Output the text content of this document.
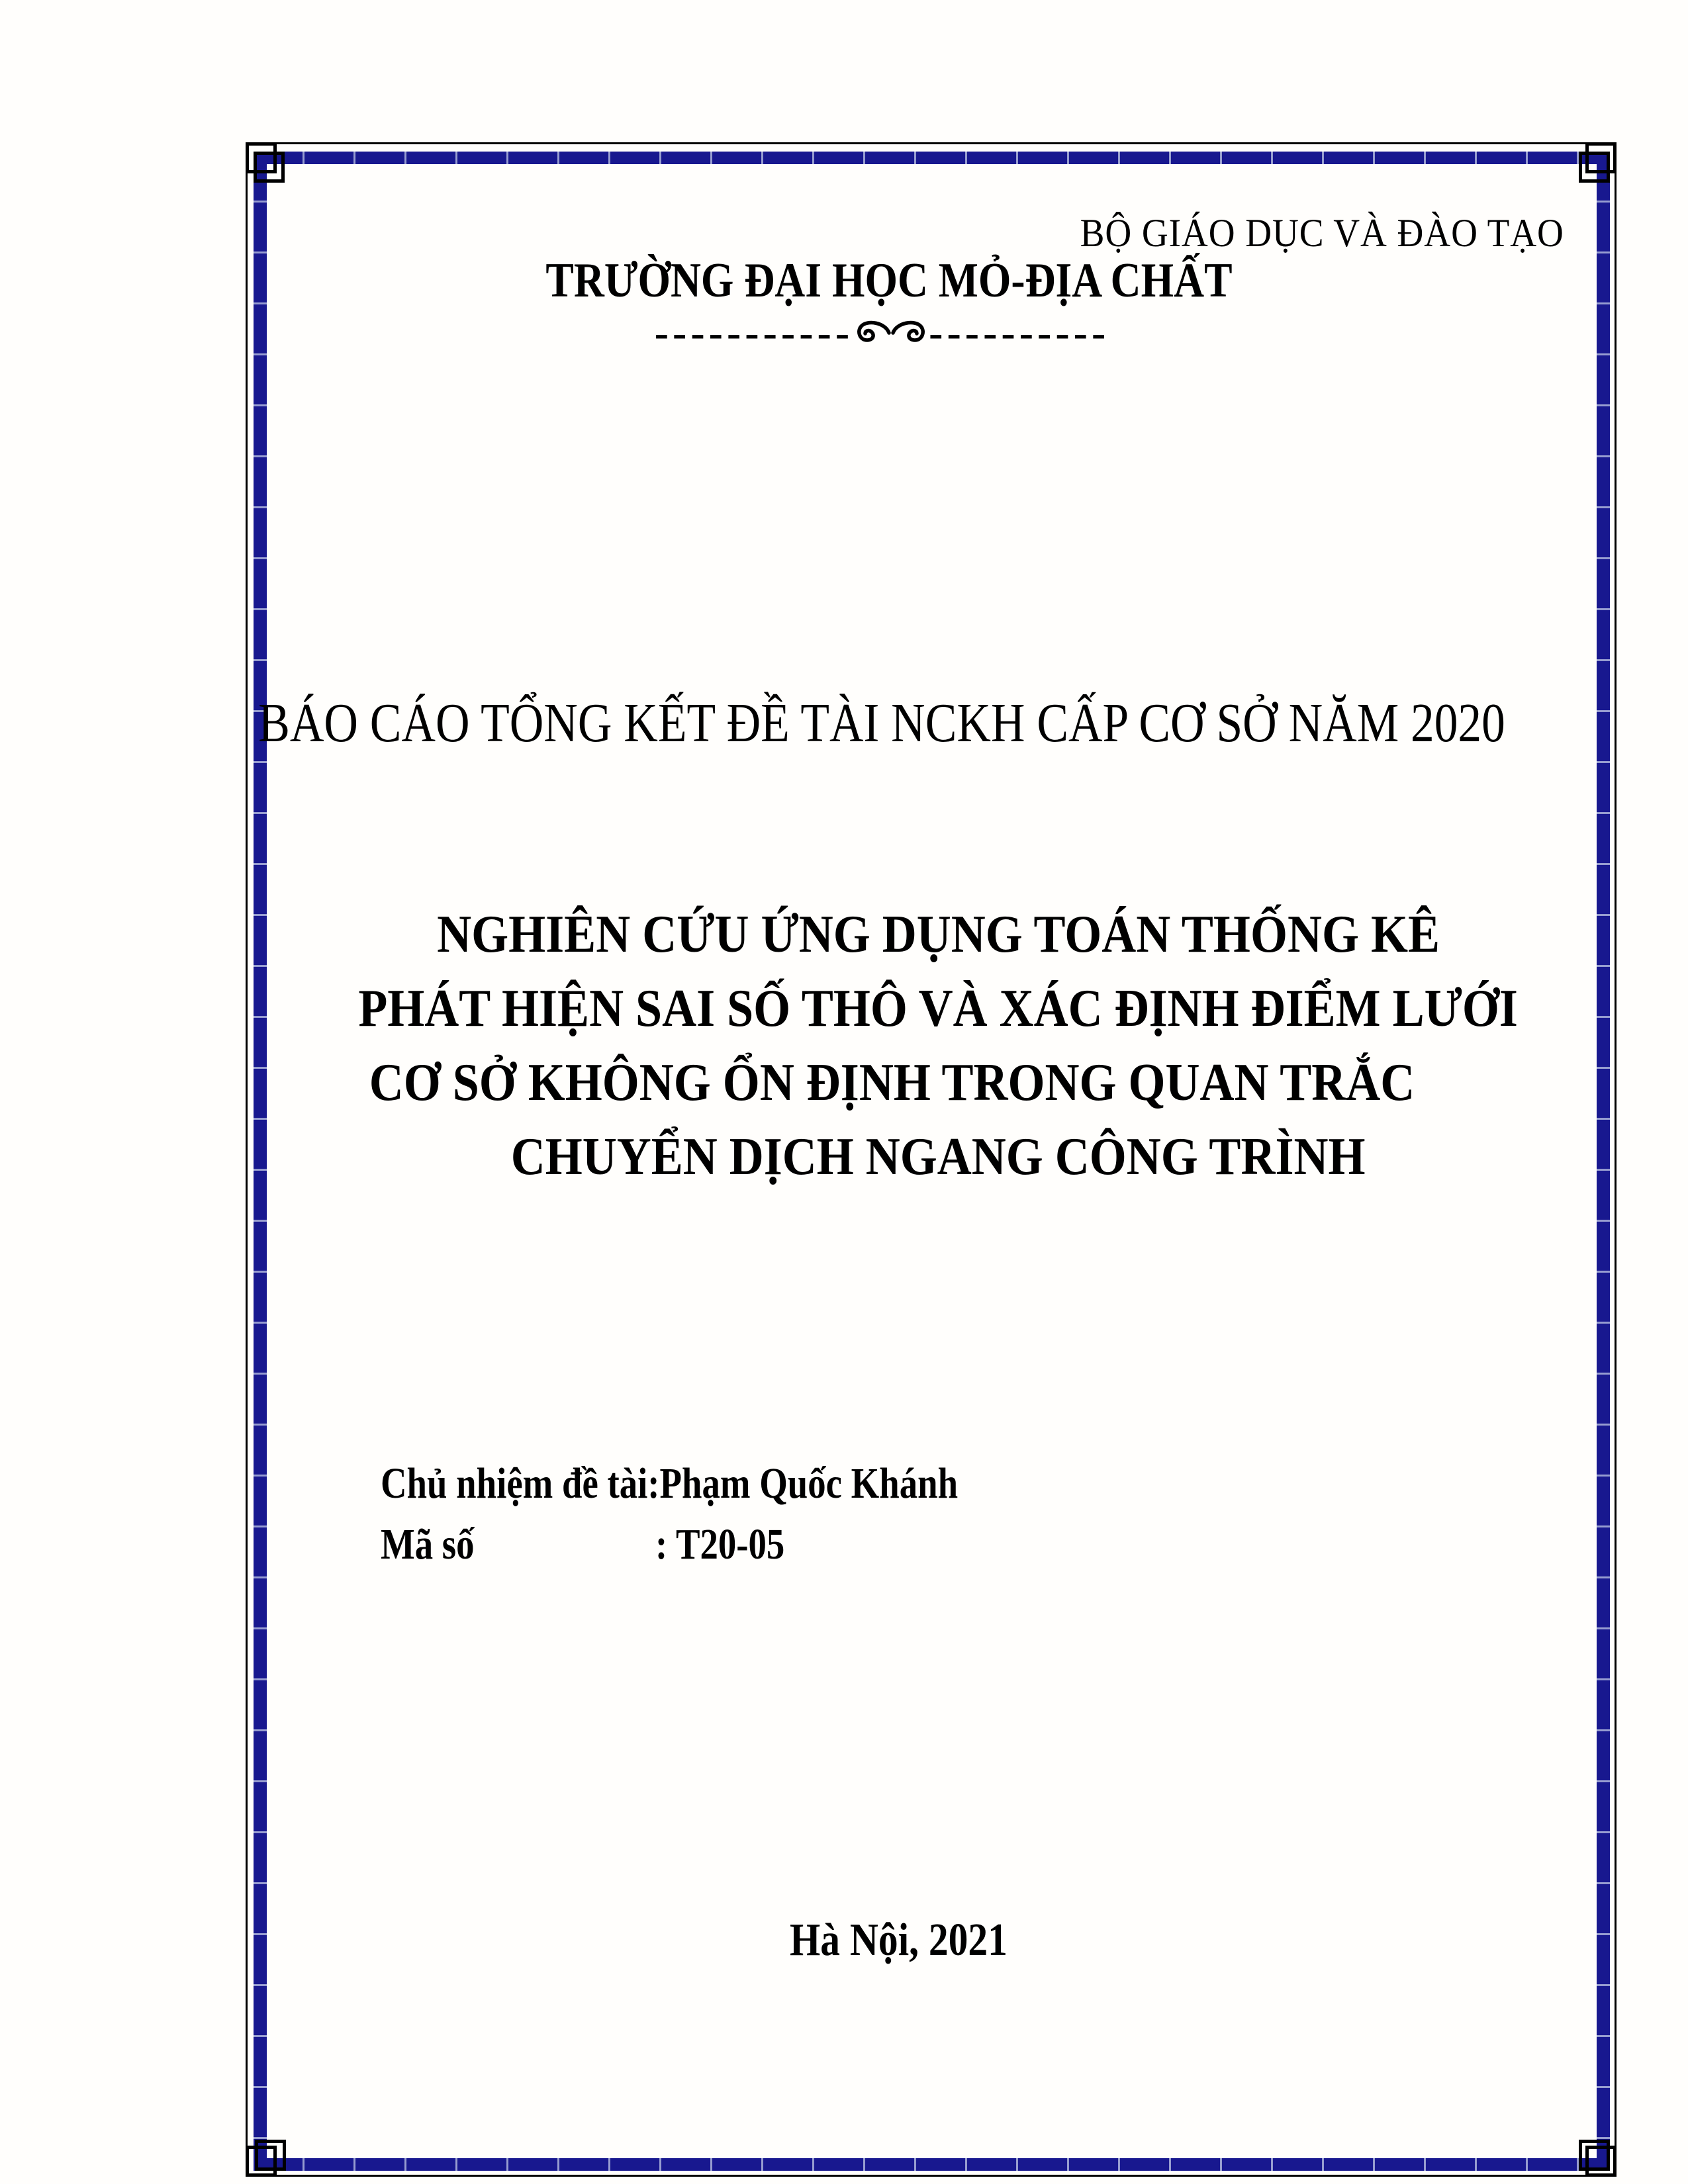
BỘ GIÁO DỤC VÀ ĐÀO TẠO
TRƯỜNG ĐẠI HỌC MỎ-ĐỊA CHẤT
----------- ----------
BÁO CÁO TỔNG KẾT ĐỀ TÀI NCKH CẤP CƠ SỞ NĂM 2020
NGHIÊN CỨU ỨNG DỤNG TOÁN THỐNG KÊ
PHÁT HIỆN SAI SỐ THÔ VÀ XÁC ĐỊNH ĐIỂM LƯỚI
CƠ SỞ KHÔNG ỔN ĐỊNH TRONG QUAN TRẮC
CHUYỂN DỊCH NGANG CÔNG TRÌNH
Chủ nhiệm đề tài: Phạm Quốc Khánh
Mã số	: T20-05
Hà Nội, 2021
